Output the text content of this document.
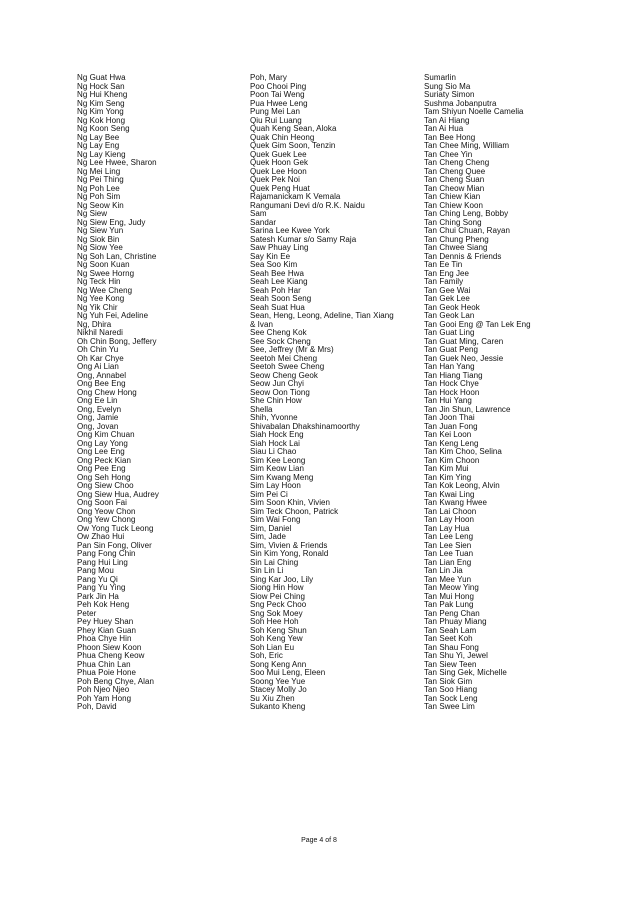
Ng Guat Hwa
Ng Hock San
Ng Hui Kheng
Ng Kim Seng
Ng Kim Yong
Ng Kok Hong
Ng Koon Seng
Ng Lay Bee
Ng Lay Eng
Ng Lay Kieng
Ng Lee Hwee, Sharon
Ng Mei Ling
Ng Pei Thing
Ng Poh Lee
Ng Poh Sim
Ng Seow Kin
Ng Siew
Ng Siew Eng, Judy
Ng Siew Yun
Ng Siok Bin
Ng Siow Yee
Ng Soh Lan, Christine
Ng Soon Kuan
Ng Swee Horng
Ng Teck Hin
Ng Wee Cheng
Ng Yee Kong
Ng Yik Chir
Ng Yuh Fei, Adeline
Ng, Dhira
Nikhil Naredi
Oh Chin Bong, Jeffery
Oh Chin Yu
Oh Kar Chye
Ong Ai Lian
Ong, Annabel
Ong Bee Eng
Ong Chew Hong
Ong Ee Lin
Ong, Evelyn
Ong, Jamie
Ong, Jovan
Ong Kim Chuan
Ong Lay Yong
Ong Lee Eng
Ong Peck Kian
Ong Pee Eng
Ong Seh Hong
Ong Siew Choo
Ong Siew Hua, Audrey
Ong Soon Fai
Ong Yeow Chon
Ong Yew Chong
Ow Yong Tuck Leong
Ow Zhao Hui
Pan Sin Fong, Oliver
Pang Fong Chin
Pang Hui Ling
Pang Mou
Pang Yu Qi
Pang Yu Ying
Park Jin Ha
Peh Kok Heng
Peter
Pey Huey Shan
Phey Kian Guan
Phoa Chye Hin
Phoon Siew Koon
Phua Cheng Keow
Phua Chin Lan
Phua Poie Hone
Poh Beng Chye, Alan
Poh Njeo Njeo
Poh Yam Hong
Poh, David
Poh, Mary
Poo Chooi Ping
Poon Tai Weng
Pua Hwee Leng
Pung Mei Lan
Qiu Rui Luang
Quah Keng Sean, Aloka
Quak Chin Heong
Quek Gim Soon, Tenzin
Quek Guek Lee
Quek Hoon Gek
Quek Lee Hoon
Quek Pek Noi
Quek Peng Huat
Rajamanickam K Vemala
Rangumani Devi d/o R.K. Naidu
Sam
Sandar
Sarina Lee Kwee York
Satesh Kumar s/o Samy Raja
Saw Phuay Ling
Say Kin Ee
Sea Soo Kim
Seah Bee Hwa
Seah Lee Kiang
Seah Poh Har
Seah Soon Seng
Seah Suat Hua
Sean, Heng, Leong, Adeline, Tian Xiang
& Ivan
See Cheng Kok
See Sock Cheng
See, Jeffrey (Mr & Mrs)
Seetoh Mei Cheng
Seetoh Swee Cheng
Seow Cheng Geok
Seow Jun Chyi
Seow Oon Tiong
She Chin How
Shella
Shih, Yvonne
Shivabalan Dhakshinamoorthy
Siah Hock Eng
Siah Hock Lai
Siau Li Chao
Sim Kee Leong
Sim Keow Lian
Sim Kwang Meng
Sim Lay Hoon
Sim Pei Ci
Sim Soon Khin, Vivien
Sim Teck Choon, Patrick
Sim Wai Fong
Sim, Daniel
Sim, Jade
Sim, Vivien & Friends
Sin Kim Yong, Ronald
Sin Lai Ching
Sin Lin Li
Sing Kar Joo, Lily
Siong Hin How
Siow Pei Ching
Sng Peck Choo
Sng Sok Moey
Soh Hee Hoh
Soh Keng Shun
Soh Keng Yew
Soh Lian Eu
Soh, Eric
Song Keng Ann
Soo Mui Leng, Eleen
Soong Yee Yue
Stacey Molly Jo
Su Xiu Zhen
Sukanto Kheng
Sumarlin
Sung Sio Ma
Suriaty Simon
Sushma Jobanputra
Tam Shiyun Noelle Camelia
Tan Ai Hiang
Tan Ai Hua
Tan Bee Hong
Tan Chee Ming, William
Tan Chee Yin
Tan Cheng Cheng
Tan Cheng Quee
Tan Cheng Suan
Tan Cheow Mian
Tan Chiew Kian
Tan Chiew Koon
Tan Ching Leng, Bobby
Tan Ching Song
Tan Chui Chuan, Rayan
Tan Chung Pheng
Tan Chwee Siang
Tan Dennis & Friends
Tan Ee Tin
Tan Eng Jee
Tan Family
Tan Gee Wai
Tan Gek Lee
Tan Geok Heok
Tan Geok Lan
Tan Gooi Eng @ Tan Lek Eng
Tan Guat Ling
Tan Guat Ming, Caren
Tan Guat Peng
Tan Guek Neo, Jessie
Tan Han Yang
Tan Hiang Tiang
Tan Hock Chye
Tan Hock Hoon
Tan Hui Yang
Tan Jin Shun, Lawrence
Tan Joon Thai
Tan Juan Fong
Tan Kei Loon
Tan Keng Leng
Tan Kim Choo, Selina
Tan Kim Choon
Tan Kim Mui
Tan Kim Ying
Tan Kok Leong, Alvin
Tan Kwai Ling
Tan Kwang Hwee
Tan Lai Choon
Tan Lay Hoon
Tan Lay Hua
Tan Lee Leng
Tan Lee Sien
Tan Lee Tuan
Tan Lian Eng
Tan Lin Jia
Tan Mee Yun
Tan Meow Ying
Tan Mui Hong
Tan Pak Lung
Tan Peng Chan
Tan Phuay Miang
Tan Seah Lam
Tan Seet Koh
Tan Shau Fong
Tan Shu Yi, Jewel
Tan Siew Teen
Tan Sing Gek, Michelle
Tan Siok Gim
Tan Soo Hiang
Tan Sock Leng
Tan Swee Lim
Page 4 of 8
